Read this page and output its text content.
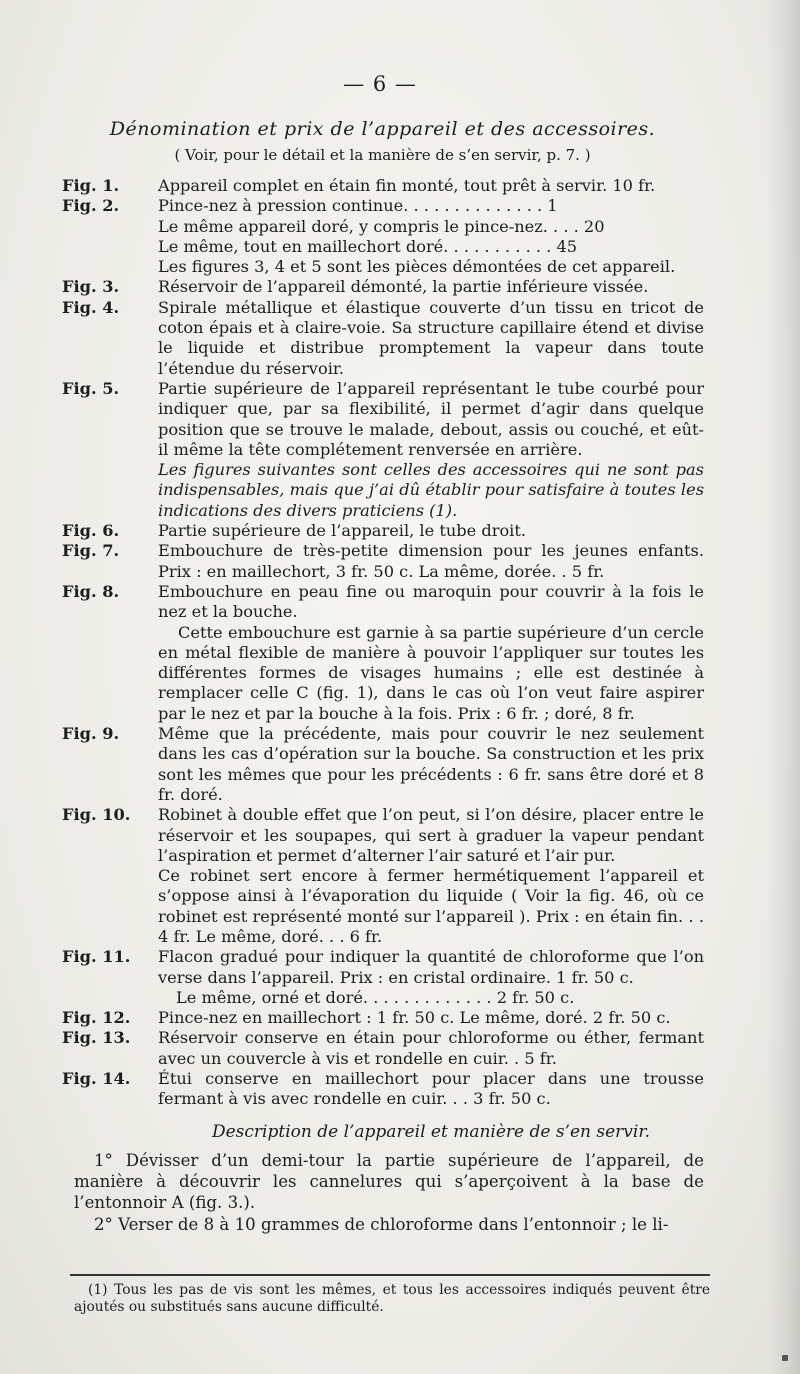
— 6 —
Dénomination et prix de l’appareil et des accessoires.
( Voir, pour le détail et la manière de s’en servir, p. 7. )
Fig. 1.	Appareil complet en étain fin monté, tout prêt à servir. 10 fr.
Fig. 2.	Pince-nez à pression continue. . . . . . . . . . . . . . 1
Le même appareil doré, y compris le pince-nez. . . . 20
Le même, tout en maillechort doré. . . . . . . . . . . 45
Les figures 3, 4 et 5 sont les pièces démontées de cet appareil.
Fig. 3.	Réservoir de l’appareil démonté, la partie inférieure vissée.
Fig. 4.	Spirale métallique et élastique couverte d’un tissu en tricot de coton épais et à claire-voie. Sa structure capillaire étend et divise le liquide et distribue promptement la vapeur dans toute l’étendue du réservoir.
Fig. 5.	Partie supérieure de l’appareil représentant le tube courbé pour indiquer que, par sa flexibilité, il permet d’agir dans quelque position que se trouve le malade, debout, assis ou couché, et eût-il même la tête complétement renversée en arrière.
Les figures suivantes sont celles des accessoires qui ne sont pas indispensables, mais que j’ai dû établir pour satisfaire à toutes les indications des divers praticiens (1).
Fig. 6.	Partie supérieure de l’appareil, le tube droit.
Fig. 7.	Embouchure de très-petite dimension pour les jeunes enfants. Prix : en maillechort, 3 fr. 50 c. La même, dorée. . 5 fr.
Fig. 8.	Embouchure en peau fine ou maroquin pour couvrir à la fois le nez et la bouche.
Cette embouchure est garnie à sa partie supérieure d’un cercle en métal flexible de manière à pouvoir l’appliquer sur toutes les différentes formes de visages humains ; elle est destinée à remplacer celle C (fig. 1), dans le cas où l’on veut faire aspirer par le nez et par la bouche à la fois. Prix : 6 fr. ; doré, 8 fr.
Fig. 9.	Même que la précédente, mais pour couvrir le nez seulement dans les cas d’opération sur la bouche. Sa construction et les prix sont les mêmes que pour les précédents : 6 fr. sans être doré et 8 fr. doré.
Fig. 10.	Robinet à double effet que l’on peut, si l’on désire, placer entre le réservoir et les soupapes, qui sert à graduer la vapeur pendant l’aspiration et permet d’alterner l’air saturé et l’air pur.
Ce robinet sert encore à fermer hermétiquement l’appareil et s’oppose ainsi à l’évaporation du liquide ( Voir la fig. 46, où ce robinet est représenté monté sur l’appareil ). Prix : en étain fin. . . 4 fr. Le même, doré. . . 6 fr.
Fig. 11.	Flacon gradué pour indiquer la quantité de chloroforme que l’on verse dans l’appareil. Prix : en cristal ordinaire. 1 fr. 50 c.
Le même, orné et doré. . . . . . . . . . . . . 2 fr. 50 c.
Fig. 12.	Pince-nez en maillechort : 1 fr. 50 c. Le même, doré. 2 fr. 50 c.
Fig. 13.	Réservoir conserve en étain pour chloroforme ou éther, fermant avec un couvercle à vis et rondelle en cuir. . 5 fr.
Fig. 14.	Étui conserve en maillechort pour placer dans une trousse fermant à vis avec rondelle en cuir. . . 3 fr. 50 c.
Description de l’appareil et manière de s’en servir.

1° Dévisser d’un demi-tour la partie supérieure de l’appareil, de manière à découvrir les cannelures qui s’aperçoivent à la base de l’entonnoir A (fig. 3.).

2° Verser de 8 à 10 grammes de chloroforme dans l’entonnoir ; le li-

(1) Tous les pas de vis sont les mêmes, et tous les accessoires indiqués peuvent être ajoutés ou substitués sans aucune difficulté.
